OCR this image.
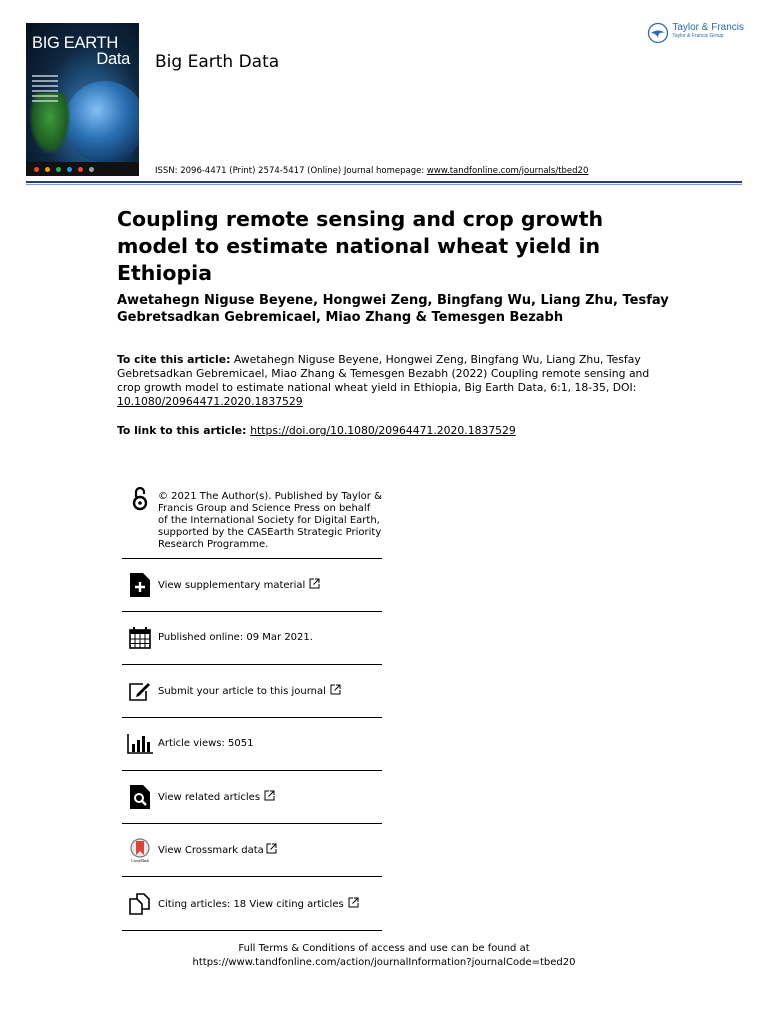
BIG EARTH
Data Big Earth Data
Taylor & Francis
Taylor & Francis Group
ISSN: 2096-4471 (Print) 2574-5417 (Online) Journal homepage: www.tandfonline.com/journals/tbed20
Coupling remote sensing and crop growth model to estimate national wheat yield in Ethiopia
Awetahegn Niguse Beyene, Hongwei Zeng, Bingfang Wu, Liang Zhu, Tesfay Gebretsadkan Gebremicael, Miao Zhang & Temesgen Bezabh
To cite this article: Awetahegn Niguse Beyene, Hongwei Zeng, Bingfang Wu, Liang Zhu, Tesfay Gebretsadkan Gebremicael, Miao Zhang & Temesgen Bezabh (2022) Coupling remote sensing and crop growth model to estimate national wheat yield in Ethiopia, Big Earth Data, 6:1, 18-35, DOI: 10.1080/20964471.2020.1837529
To link to this article: https://doi.org/10.1080/20964471.2020.1837529
© 2021 The Author(s). Published by Taylor & Francis Group and Science Press on behalf of the International Society for Digital Earth, supported by the CASEarth Strategic Priority Research Programme.
View supplementary material
Published online: 09 Mar 2021.
Submit your article to this journal
Article views: 5051
View related articles
CrossMark
View Crossmark data
Citing articles: 18 View citing articles
Full Terms & Conditions of access and use can be found at
https://www.tandfonline.com/action/journalInformation?journalCode=tbed20
